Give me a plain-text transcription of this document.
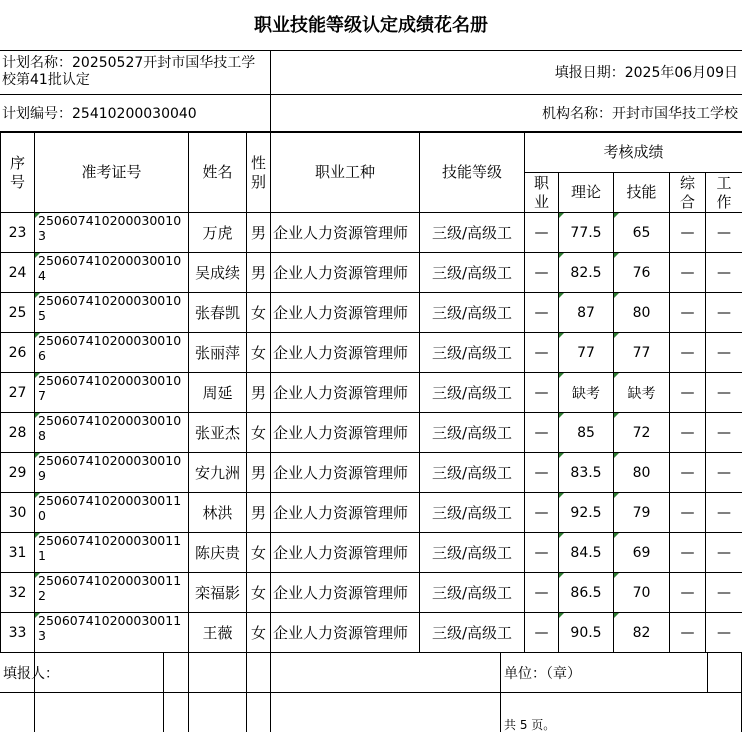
职业技能等级认定成绩花名册
计划名称：20250527开封市国华技工学校第41批认定	填报日期：2025年06月09日
计划编号：25410200030040	机构名称：开封市国华技工学校
序号	准考证号	姓名	性别	职业工种	技能等级	考核成绩				
						职业	理论	技能	综合	工作
23	250607410200030010 3	万虎	男	企业人力资源管理师	三级/高级工	—	77.5	65	—	—
24	250607410200030010 4	吴成续	男	企业人力资源管理师	三级/高级工	—	82.5	76	—	—
25	250607410200030010 5	张春凯	女	企业人力资源管理师	三级/高级工	—	87	80	—	—
26	250607410200030010 6	张丽萍	女	企业人力资源管理师	三级/高级工	—	77	77	—	—
27	250607410200030010 7	周延	男	企业人力资源管理师	三级/高级工	—	缺考	缺考	—	—
28	250607410200030010 8	张亚杰	女	企业人力资源管理师	三级/高级工	—	85	72	—	—
29	250607410200030010 9	安九洲	男	企业人力资源管理师	三级/高级工	—	83.5	80	—	—
30	250607410200030011 0	林洪	男	企业人力资源管理师	三级/高级工	—	92.5	79	—	—
31	250607410200030011 1	陈庆贵	女	企业人力资源管理师	三级/高级工	—	84.5	69	—	—
32	250607410200030011 2	栾福影	女	企业人力资源管理师	三级/高级工	—	86.5	70	—	—
33	250607410200030011 3	王薇	女	企业人力资源管理师	三级/高级工	—	90.5	82	—	—
填报人：	单位：（章）
共 5 页。
